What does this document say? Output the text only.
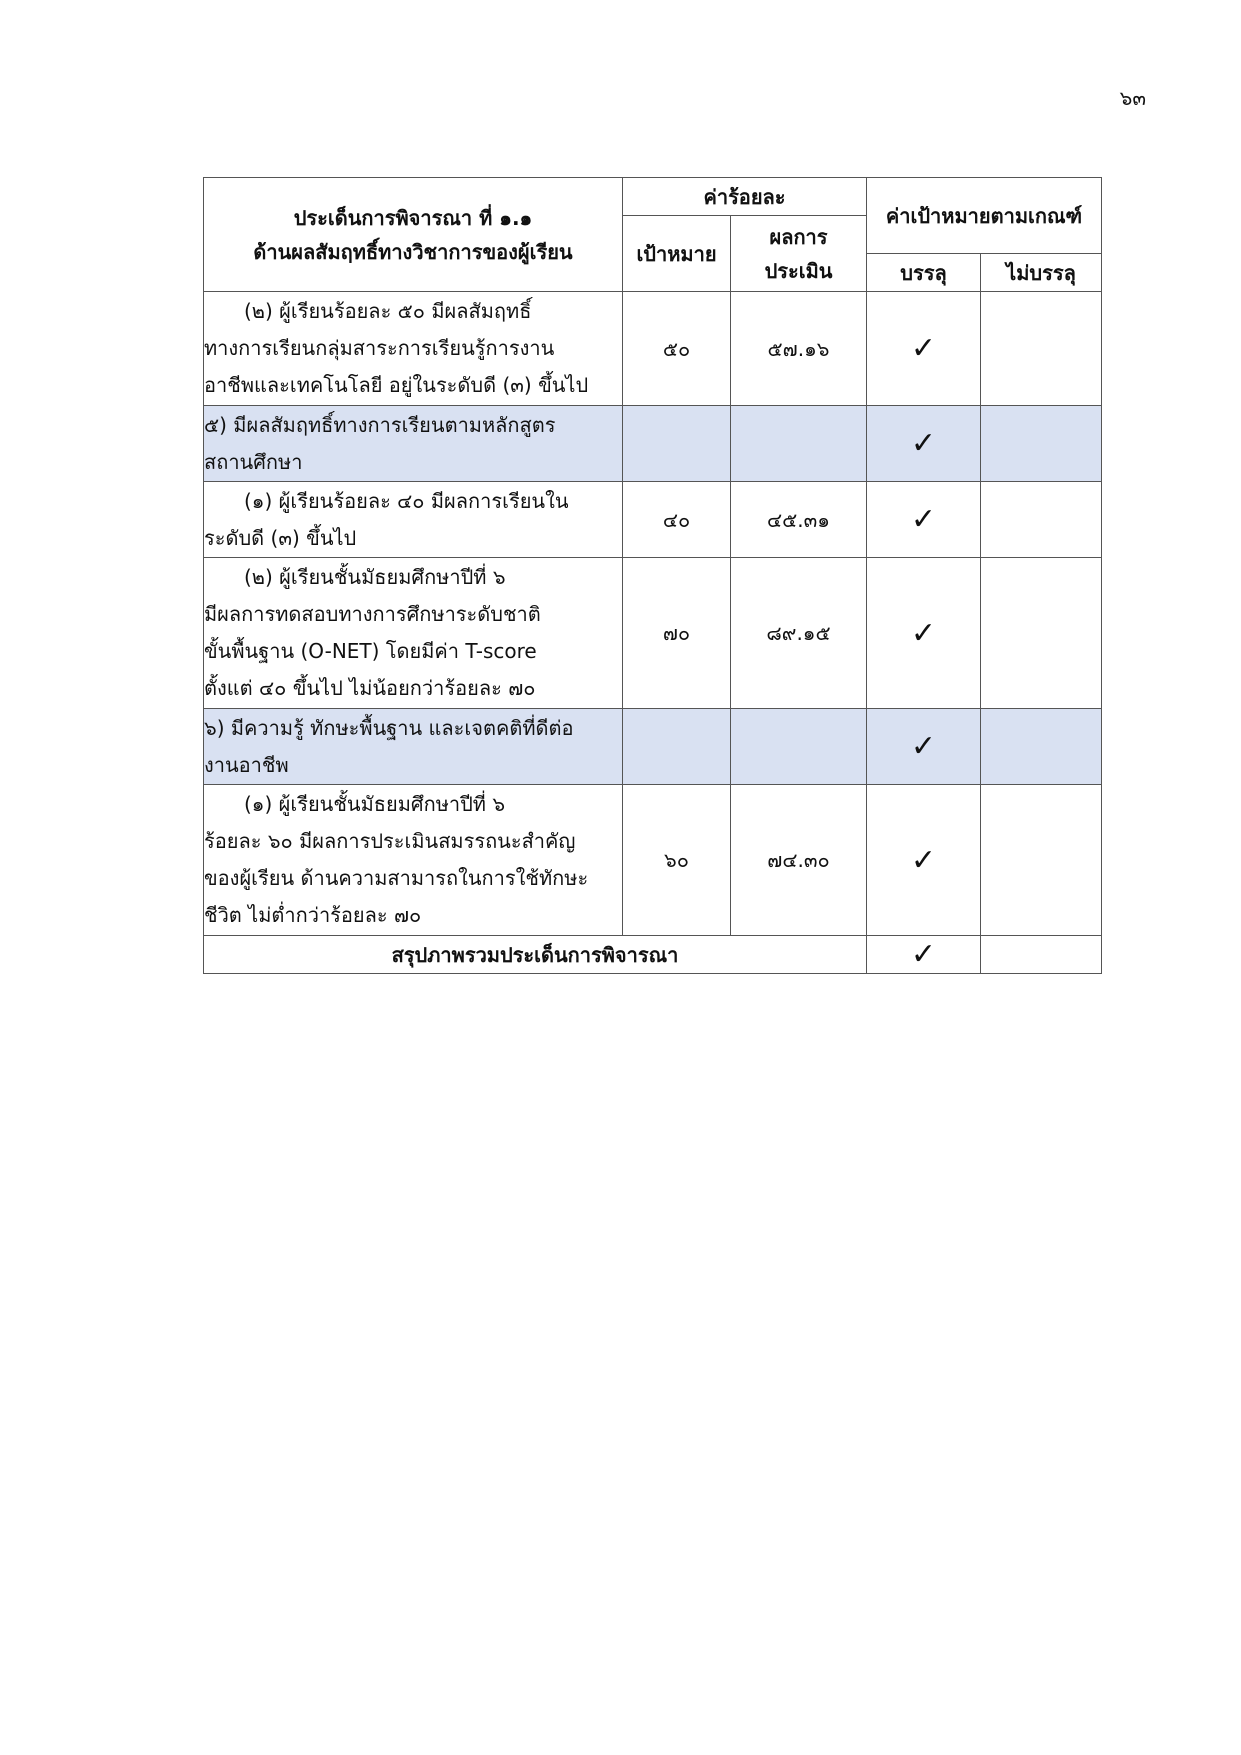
๖๓
ประเด็นการพิจารณา ที่ ๑.๑
ด้านผลสัมฤทธิ์ทางวิชาการของผู้เรียน	ค่าร้อยละ		ค่าเป้าหมายตามเกณฑ์	
	เป้าหมาย	ผลการ
ประเมิน		

			บรรลุ	ไม่บรรลุ

(๒) ผู้เรียนร้อยละ ๕๐ มีผลสัมฤทธิ์
ทางการเรียนกลุ่มสาระการเรียนรู้การงาน
อาชีพและเทคโนโลยี อยู่ในระดับดี (๓) ขึ้นไป	๕๐	๕๗.๑๖	✓	

๕) มีผลสัมฤทธิ์ทางการเรียนตามหลักสูตร
สถานศึกษา			✓	

(๑) ผู้เรียนร้อยละ ๔๐ มีผลการเรียนใน
ระดับดี (๓) ขึ้นไป	๔๐	๔๕.๓๑	✓	

(๒) ผู้เรียนชั้นมัธยมศึกษาปีที่ ๖
มีผลการทดสอบทางการศึกษาระดับชาติ
ขั้นพื้นฐาน (O-NET) โดยมีค่า T-score
ตั้งแต่ ๔๐ ขึ้นไป ไม่น้อยกว่าร้อยละ ๗๐	๗๐	๘๙.๑๕	✓	

๖) มีความรู้ ทักษะพื้นฐาน และเจตคติที่ดีต่อ
งานอาชีพ			✓	

(๑) ผู้เรียนชั้นมัธยมศึกษาปีที่ ๖
ร้อยละ ๖๐ มีผลการประเมินสมรรถนะสำคัญ
ของผู้เรียน ด้านความสามารถในการใช้ทักษะ
ชีวิต ไม่ต่ำกว่าร้อยละ ๗๐	๖๐	๗๔.๓๐	✓	
สรุปภาพรวมประเด็นการพิจารณา			✓	
